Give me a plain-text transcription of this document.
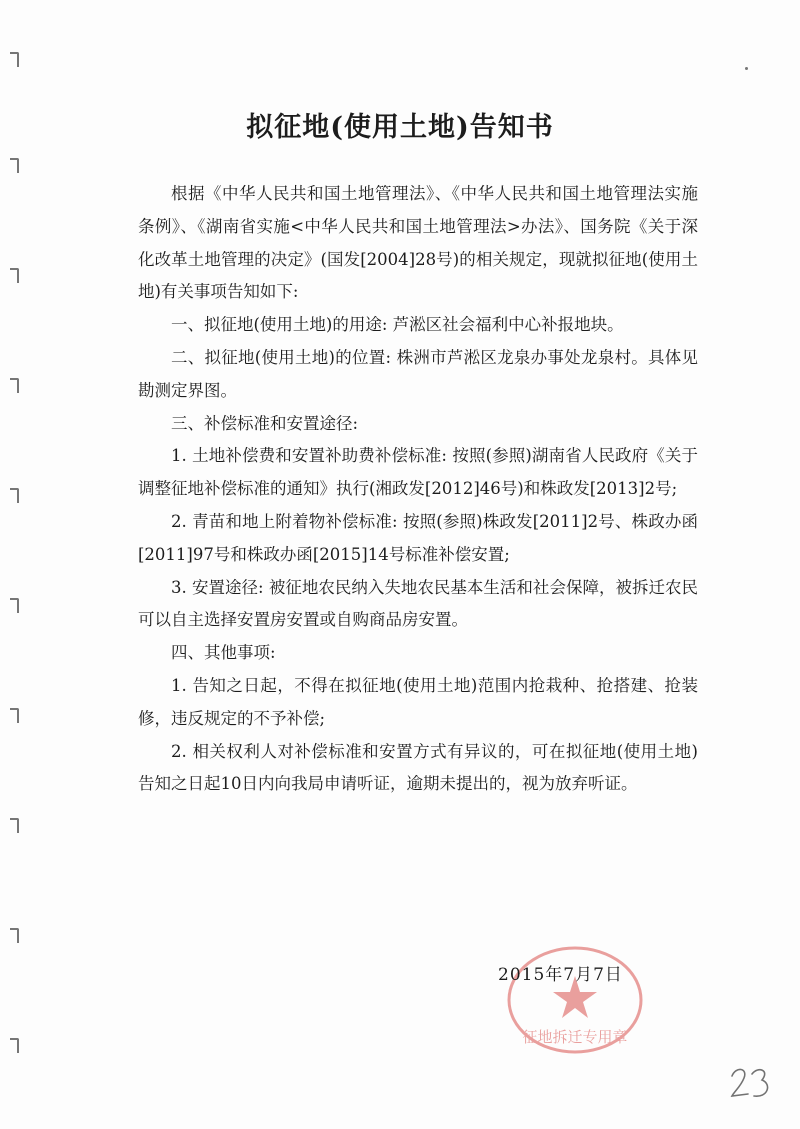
拟征地(使用土地)告知书

根据《中华人民共和国土地管理法》、《中华人民共和国土地管理法实施条例》、《湖南省实施<中华人民共和国土地管理法>办法》、国务院《关于深化改革土地管理的决定》(国发[2004]28号)的相关规定，现就拟征地(使用土地)有关事项告知如下:

一、拟征地(使用土地)的用途: 芦淞区社会福利中心补报地块。

二、拟征地(使用土地)的位置: 株洲市芦淞区龙泉办事处龙泉村。具体见勘测定界图。

三、补偿标准和安置途径:

1. 土地补偿费和安置补助费补偿标准: 按照(参照)湖南省人民政府《关于调整征地补偿标准的通知》执行(湘政发[2012]46号)和株政发[2013]2号;

2. 青苗和地上附着物补偿标准: 按照(参照)株政发[2011]2号、株政办函[2011]97号和株政办函[2015]14号标准补偿安置;

3. 安置途径: 被征地农民纳入失地农民基本生活和社会保障，被拆迁农民可以自主选择安置房安置或自购商品房安置。

四、其他事项:

1. 告知之日起，不得在拟征地(使用土地)范围内抢栽种、抢搭建、抢装修，违反规定的不予补偿;

2. 相关权利人对补偿标准和安置方式有异议的，可在拟征地(使用土地)告知之日起10日内向我局申请听证，逾期未提出的，视为放弃听证。

征地拆迁专用章
2015年7月7日
